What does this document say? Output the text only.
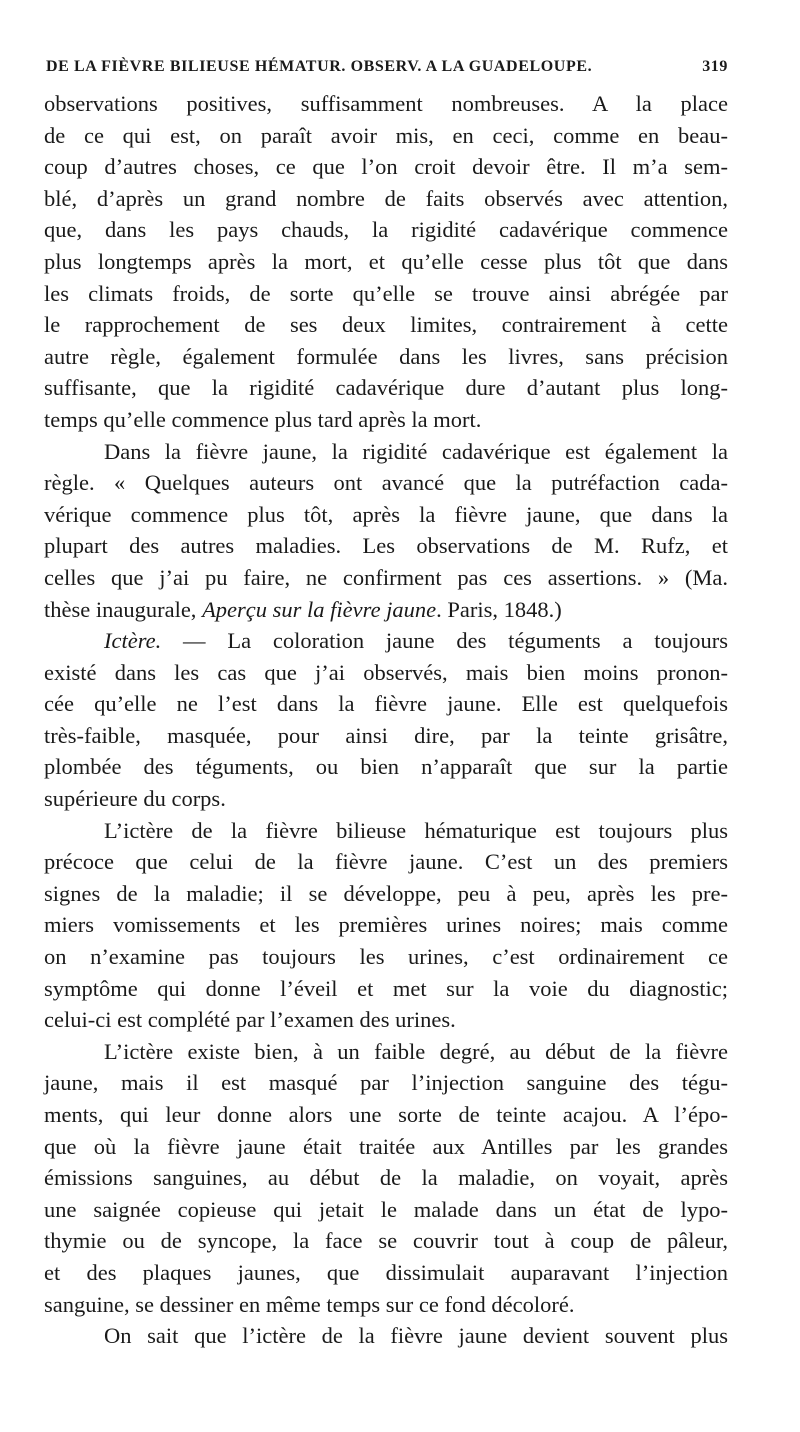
DE LA FIÈVRE BILIEUSE HÉMATUR. OBSERV. A LA GUADELOUPE.	319
observations positives, suffisamment nombreuses. A la place
de ce qui est, on paraît avoir mis, en ceci, comme en beau-
coup d’autres choses, ce que l’on croit devoir être. Il m’a sem-
blé, d’après un grand nombre de faits observés avec attention,
que, dans les pays chauds, la rigidité cadavérique commence
plus longtemps après la mort, et qu’elle cesse plus tôt que dans
les climats froids, de sorte qu’elle se trouve ainsi abrégée par
le rapprochement de ses deux limites, contrairement à cette
autre règle, également formulée dans les livres, sans précision
suffisante, que la rigidité cadavérique dure d’autant plus long-
temps qu’elle commence plus tard après la mort.
Dans la fièvre jaune, la rigidité cadavérique est également la
règle. « Quelques auteurs ont avancé que la putréfaction cada-
vérique commence plus tôt, après la fièvre jaune, que dans la
plupart des autres maladies. Les observations de M. Rufz, et
celles que j’ai pu faire, ne confirment pas ces assertions. » (Ma.
thèse inaugurale, Aperçu sur la fièvre jaune. Paris, 1848.)
Ictère. — La coloration jaune des téguments a toujours
existé dans les cas que j’ai observés, mais bien moins pronon-
cée qu’elle ne l’est dans la fièvre jaune. Elle est quelquefois
très-faible, masquée, pour ainsi dire, par la teinte grisâtre,
plombée des téguments, ou bien n’apparaît que sur la partie
supérieure du corps.
L’ictère de la fièvre bilieuse hématurique est toujours plus
précoce que celui de la fièvre jaune. C’est un des premiers
signes de la maladie; il se développe, peu à peu, après les pre-
miers vomissements et les premières urines noires; mais comme
on n’examine pas toujours les urines, c’est ordinairement ce
symptôme qui donne l’éveil et met sur la voie du diagnostic;
celui-ci est complété par l’examen des urines.
L’ictère existe bien, à un faible degré, au début de la fièvre
jaune, mais il est masqué par l’injection sanguine des tégu-
ments, qui leur donne alors une sorte de teinte acajou. A l’épo-
que où la fièvre jaune était traitée aux Antilles par les grandes
émissions sanguines, au début de la maladie, on voyait, après
une saignée copieuse qui jetait le malade dans un état de lypo-
thymie ou de syncope, la face se couvrir tout à coup de pâleur,
et des plaques jaunes, que dissimulait auparavant l’injection
sanguine, se dessiner en même temps sur ce fond décoloré.
On sait que l’ictère de la fièvre jaune devient souvent plus
